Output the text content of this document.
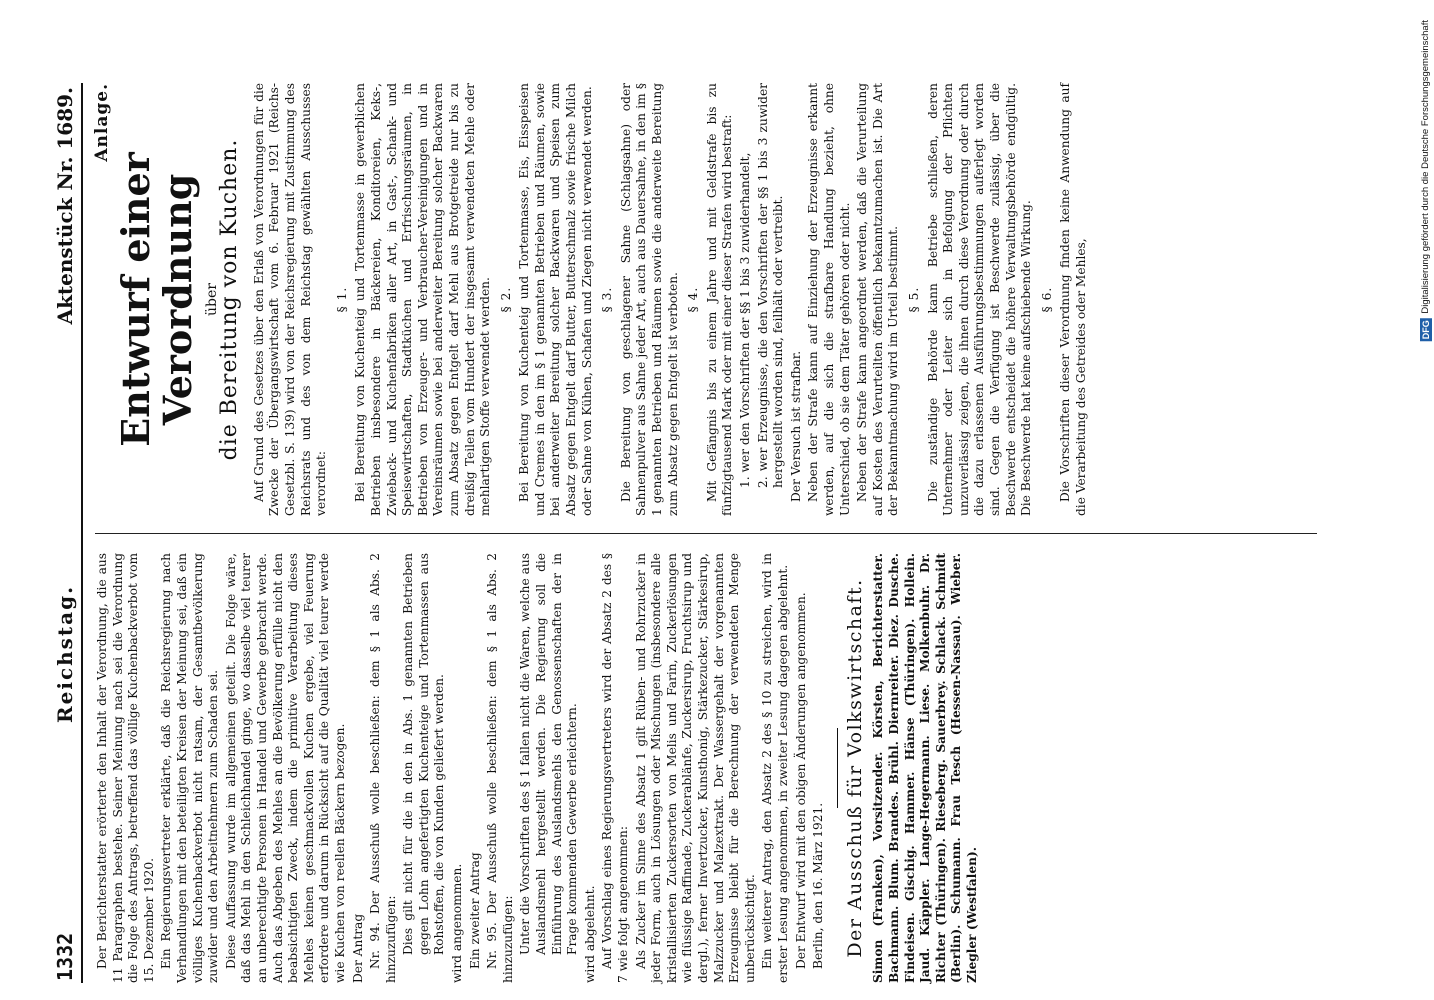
1332
Reichstag.
Aktenstück Nr. 1689.

Der Berichterstatter erörterte den Inhalt der Verordnung, die aus 11 Paragraphen bestehe. Seiner Meinung nach sei die Verordnung die Folge des Antrags, betreffend das völlige Kuchenbackverbot vom 15. Dezember 1920. Ein Regierungsvertreter erklärte, daß die Reichsregierung nach Verhandlungen mit den beteiligten Kreisen der Meinung sei, daß ein völliges Kuchenbackverbot nicht ratsam, der Gesamtbevölkerung zuwider und den Arbeitnehmern zum Schaden sei. Diese Auffassung wurde im allgemeinen geteilt. Die Folge wäre, daß das Mehl in den Schleichhandel ginge, wo dasselbe viel teurer an unberechtigte Personen in Handel und Gewerbe gebracht werde. Auch das Abgeben des Mehles an die Bevölkerung erfülle nicht den beabsichtigten Zweck, indem die primitive Verarbeitung dieses Mehles keinen geschmackvollen Kuchen ergebe, viel Feuerung erfordere und darum in Rücksicht auf die Qualität viel teurer werde wie Kuchen von reellen Bäckern bezogen. Der Antrag Nr. 94. Der Ausschuß wolle beschließen: dem § 1 als Abs. 2 hinzuzufügen: Dies gilt nicht für die in den in Abs. 1 genannten Betrieben gegen Lohn angefertigten Kuchenteige und Tortenmassen aus Rohstoffen, die von Kunden geliefert werden. wird angenommen. Ein zweiter Antrag Nr. 95. Der Ausschuß wolle beschließen: dem § 1 als Abs. 2 hinzuzufügen: Unter die Vorschriften des § 1 fallen nicht die Waren, welche aus Auslandsmehl hergestellt werden. Die Regierung soll die Einführung des Auslandsmehls den Genossenschaften der in Frage kommenden Gewerbe erleichtern. wird abgelehnt. Auf Vorschlag eines Regierungsvertreters wird der Absatz 2 des § 7 wie folgt angenommen: Als Zucker im Sinne des Absatz 1 gilt Rüben- und Rohrzucker in jeder Form, auch in Lösungen oder Mischungen (insbesondere alle kristallisierten Zuckersorten von Melis und Farin, Zuckerlösungen wie flüssige Raffinade, Zuckerablänfe, Zuckersirup, Fruchtsirup und dergl.), ferner Invertzucker, Kunsthonig, Stärkezucker, Stärkesirup, Malzzucker und Malzextrakt. Der Wassergehalt der vorgenannten Erzeugnisse bleibt für die Berechnung der verwendeten Menge unberücksichtigt. Ein weiterer Antrag, den Absatz 2 des § 10 zu streichen, wird in erster Lesung angenommen, in zweiter Lesung dagegen abgelehnt. Der Entwurf wird mit den obigen Änderungen angenommen. Berlin, den 16. März 1921. Der Ausschuß für Volkswirtschaft. Simon (Franken), Vorsitzender. Körsten, Berichterstatter. Bachmann. Blum. Brandes. Brühl. Diernreiter. Diez. Dusche. Findeisen. Gischig. Hammer. Hänse (Thüringen). Hollein. Jaud. Käppler. Lange-Hegermann. Liese. Molkenbuhr. Dr. Richter (Thüringen). Rieseberg. Sauerbrey. Schlack. Schmidt (Berlin). Schumann. Frau Tesch (Hessen-Nassau). Wieber. Ziegler (Westfalen).

Anlage.
Entwurf einer Verordnung über
die Bereitung von Kuchen. Auf Grund des Gesetzes über den Erlaß von Verordnungen für die Zwecke der Übergangswirtschaft vom 6. Februar 1921 (Reichs-Gesetzbl. S. 139) wird von der Reichsregierung mit Zustimmung des Reichsrats und des von dem Reichstag gewählten Ausschusses verordnet:

§ 1. Bei Bereitung von Kuchenteig und Tortenmasse in gewerblichen Betrieben insbesondere in Bäckereien, Konditoreien, Keks-, Zwieback- und Kuchenfabriken aller Art, in Gast-, Schank- und Speisewirtschaften, Stadtküchen und Erfrischungsräumen, in Betrieben von Erzeuger- und Verbraucher-Vereinigungen und in Vereinsräumen sowie bei anderweiter Bereitung solcher Backwaren zum Absatz gegen Entgelt darf Mehl aus Brotgetreide nur bis zu dreißig Teilen vom Hundert der insgesamt verwendeten Mehle oder mehlartigen Stoffe verwendet werden. § 2. Bei Bereitung von Kuchenteig und Tortenmasse, Eis, Eisspeisen und Cremes in den im § 1 genannten Betrieben und Räumen, sowie bei anderweiter Bereitung solcher Backwaren und Speisen zum Absatz gegen Entgelt darf Butter, Butterschmalz sowie frische Milch oder Sahne von Kühen, Schafen und Ziegen nicht verwendet werden. § 3. Die Bereitung von geschlagener Sahne (Schlagsahne) oder Sahnenpulver aus Sahne jeder Art, auch aus Dauersahne, in den im § 1 genannten Betrieben und Räumen sowie die anderweite Bereitung zum Absatz gegen Entgelt ist verboten. § 4. Mit Gefängnis bis zu einem Jahre und mit Geldstrafe bis zu fünfzigtausend Mark oder mit einer dieser Strafen wird bestraft: 1. wer den Vorschriften der §§ 1 bis 3 zuwiderhandelt, 2. wer Erzeugnisse, die den Vorschriften der §§ 1 bis 3 zuwider hergestellt worden sind, feilhält oder vertreibt. Der Versuch ist strafbar. Neben der Strafe kann auf Einziehung der Erzeugnisse erkannt werden, auf die sich die strafbare Handlung bezieht, ohne Unterschied, ob sie dem Täter gehören oder nicht. Neben der Strafe kann angeordnet werden, daß die Verurteilung auf Kosten des Verurteilten öffentlich bekanntzumachen ist. Die Art der Bekanntmachung wird im Urteil bestimmt. § 5. Die zuständige Behörde kann Betriebe schließen, deren Unternehmer oder Leiter sich in Befolgung der Pflichten unzuverlässig zeigen, die ihnen durch diese Verordnung oder durch die dazu erlassenen Ausführungsbestimmungen auferlegt worden sind. Gegen die Verfügung ist Beschwerde zulässig, über die Beschwerde entscheidet die höhere Verwaltungsbehörde endgültig. Die Beschwerde hat keine aufschiebende Wirkung. § 6. Die Vorschriften dieser Verordnung finden keine Anwendung auf die Verarbeitung des Getreides oder Mehles,	DFG Digitalisierung gefördert durch die Deutsche Forschungsgemeinschaft
